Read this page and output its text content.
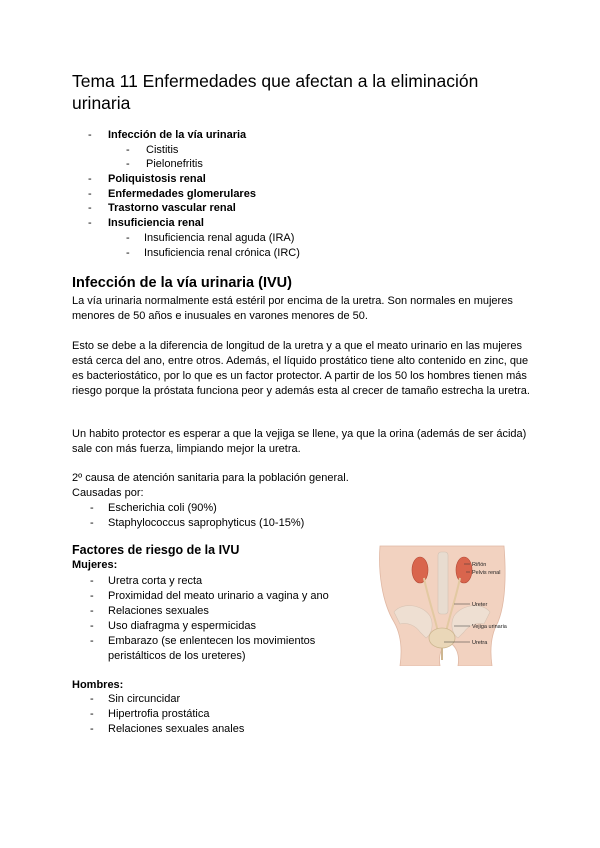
Tema 11 Enfermedades que afectan a la eliminación urinaria
- Infección de la vía urinaria
- Cistitis
- Pielonefritis
- Poliquistosis renal
- Enfermedades glomerulares
- Trastorno vascular renal
- Insuficiencia renal
- Insuficiencia renal aguda (IRA)
- Insuficiencia renal crónica (IRC)
Infección de la vía urinaria (IVU)

La vía urinaria normalmente está estéril por encima de la uretra. Son normales en mujeres menores de 50 años e inusuales en varones menores de 50.

Esto se debe a la diferencia de longitud de la uretra y a que el meato urinario en las mujeres está cerca del ano, entre otros. Además, el líquido prostático tiene alto contenido en zinc, que es bacteriostático, por lo que es un factor protector. A partir de los 50 los hombres tienen más riesgo porque la próstata funciona peor y además esta al crecer de tamaño estrecha la uretra.

Un habito protector es esperar a que la vejiga se llene, ya que la orina (además de ser ácida) sale con más fuerza, limpiando mejor la uretra.

2º causa de atención sanitaria para la población general.
Causadas por:
- Escherichia coli (90%)
- Staphylococcus saprophyticus (10-15%)
Factores de riesgo de la IVU
Mujeres:
- Uretra corta y recta
- Proximidad del meato urinario a vagina y ano
- Relaciones sexuales
- Uso diafragma y espermicidas
- Embarazo (se enlentecen los movimientos
peristálticos de los ureteres)
Hombres:
- Sin circuncidar
- Hipertrofia prostática
- Relaciones sexuales anales
Riñón
Pelvis renal
Ureter
Vejiga urinaria
Uretra
